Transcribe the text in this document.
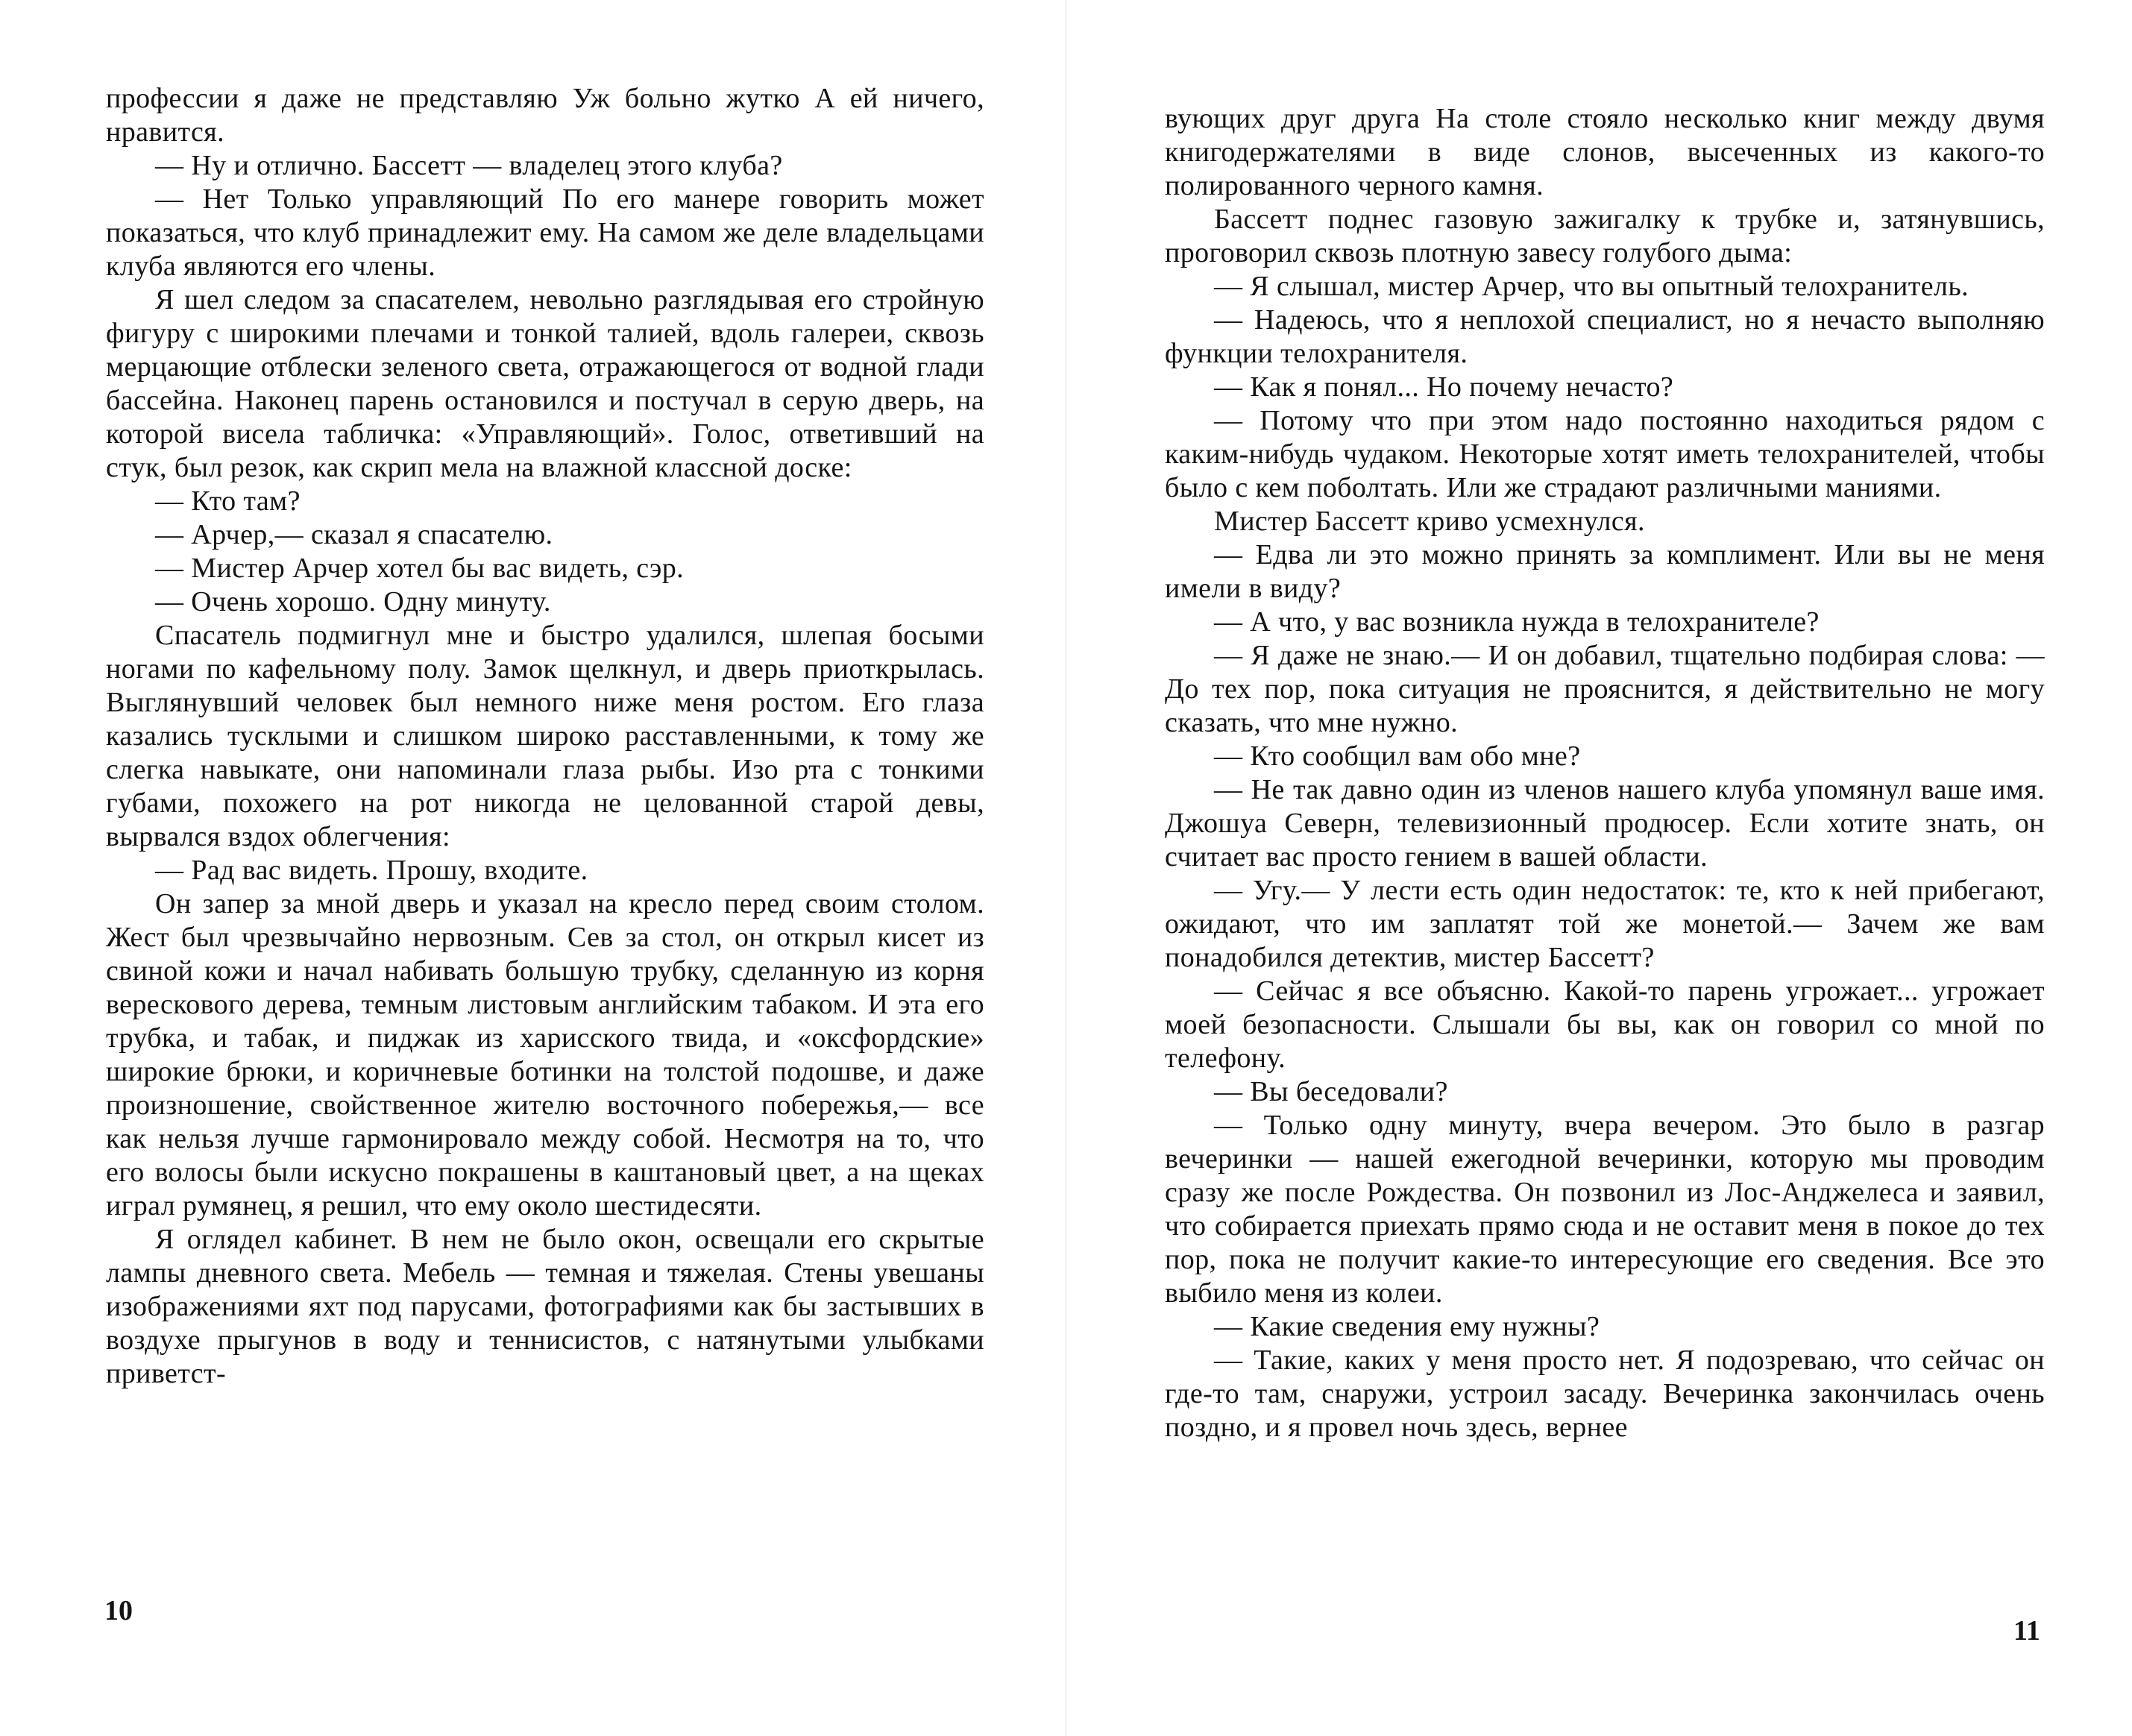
профессии я даже не представляю Уж больно жутко А ей ничего, нравится.

— Ну и отлично. Бассетт — владелец этого клуба?

— Нет Только управляющий По его манере говорить может показаться, что клуб принадлежит ему. На самом же деле владельцами клуба являются его члены.

Я шел следом за спасателем, невольно разглядывая его стройную фигуру с широкими плечами и тонкой талией, вдоль галереи, сквозь мерцающие отблески зеленого света, отражающегося от водной глади бассейна. Наконец парень остановился и постучал в серую дверь, на которой висела табличка: «Управляющий». Голос, ответивший на стук, был резок, как скрип мела на влажной классной доске:

— Кто там?

— Арчер,— сказал я спасателю.

— Мистер Арчер хотел бы вас видеть, сэр.

— Очень хорошо. Одну минуту.

Спасатель подмигнул мне и быстро удалился, шлепая босыми ногами по кафельному полу. Замок щелкнул, и дверь приоткрылась. Выглянувший человек был немного ниже меня ростом. Его глаза казались тусклыми и слишком широко расставленными, к тому же слегка навыкате, они напоминали глаза рыбы. Изо рта с тонкими губами, похожего на рот никогда не целованной старой девы, вырвался вздох облегчения:

— Рад вас видеть. Прошу, входите.

Он запер за мной дверь и указал на кресло перед своим столом. Жест был чрезвычайно нервозным. Сев за стол, он открыл кисет из свиной кожи и начал набивать большую трубку, сделанную из корня верескового дерева, темным листовым английским табаком. И эта его трубка, и табак, и пиджак из харисского твида, и «оксфордские» широкие брюки, и коричневые ботинки на толстой подошве, и даже произношение, свойственное жителю восточного побережья,— все как нельзя лучше гармонировало между собой. Несмотря на то, что его волосы были искусно покрашены в каштановый цвет, а на щеках играл румянец, я решил, что ему около шестидесяти.

Я оглядел кабинет. В нем не было окон, освещали его скрытые лампы дневного света. Мебель — темная и тяжелая. Стены увешаны изображениями яхт под парусами, фотографиями как бы застывших в воздухе прыгунов в воду и теннисистов, с натянутыми улыбками приветст-

10

вующих друг друга На столе стояло несколько книг между двумя книгодержателями в виде слонов, высеченных из какого-то полированного черного камня.

Бассетт поднес газовую зажигалку к трубке и, затянувшись, проговорил сквозь плотную завесу голубого дыма:

— Я слышал, мистер Арчер, что вы опытный телохранитель.

— Надеюсь, что я неплохой специалист, но я нечасто выполняю функции телохранителя.

— Как я понял... Но почему нечасто?

— Потому что при этом надо постоянно находиться рядом с каким-нибудь чудаком. Некоторые хотят иметь телохранителей, чтобы было с кем поболтать. Или же страдают различными маниями.

Мистер Бассетт криво усмехнулся.

— Едва ли это можно принять за комплимент. Или вы не меня имели в виду?

— А что, у вас возникла нужда в телохранителе?

— Я даже не знаю.— И он добавил, тщательно подбирая слова: — До тех пор, пока ситуация не прояснится, я действительно не могу сказать, что мне нужно.

— Кто сообщил вам обо мне?

— Не так давно один из членов нашего клуба упомянул ваше имя. Джошуа Северн, телевизионный продюсер. Если хотите знать, он считает вас просто гением в вашей области.

— Угу.— У лести есть один недостаток: те, кто к ней прибегают, ожидают, что им заплатят той же монетой.— Зачем же вам понадобился детектив, мистер Бассетт?

— Сейчас я все объясню. Какой-то парень угрожает... угрожает моей безопасности. Слышали бы вы, как он говорил со мной по телефону.

— Вы беседовали?

— Только одну минуту, вчера вечером. Это было в разгар вечеринки — нашей ежегодной вечеринки, которую мы проводим сразу же после Рождества. Он позвонил из Лос-Анджелеса и заявил, что собирается приехать прямо сюда и не оставит меня в покое до тех пор, пока не получит какие-то интересующие его сведения. Все это выбило меня из колеи.

— Какие сведения ему нужны?

— Такие, каких у меня просто нет. Я подозреваю, что сейчас он где-то там, снаружи, устроил засаду. Вечеринка закончилась очень поздно, и я провел ночь здесь, вернее

11
